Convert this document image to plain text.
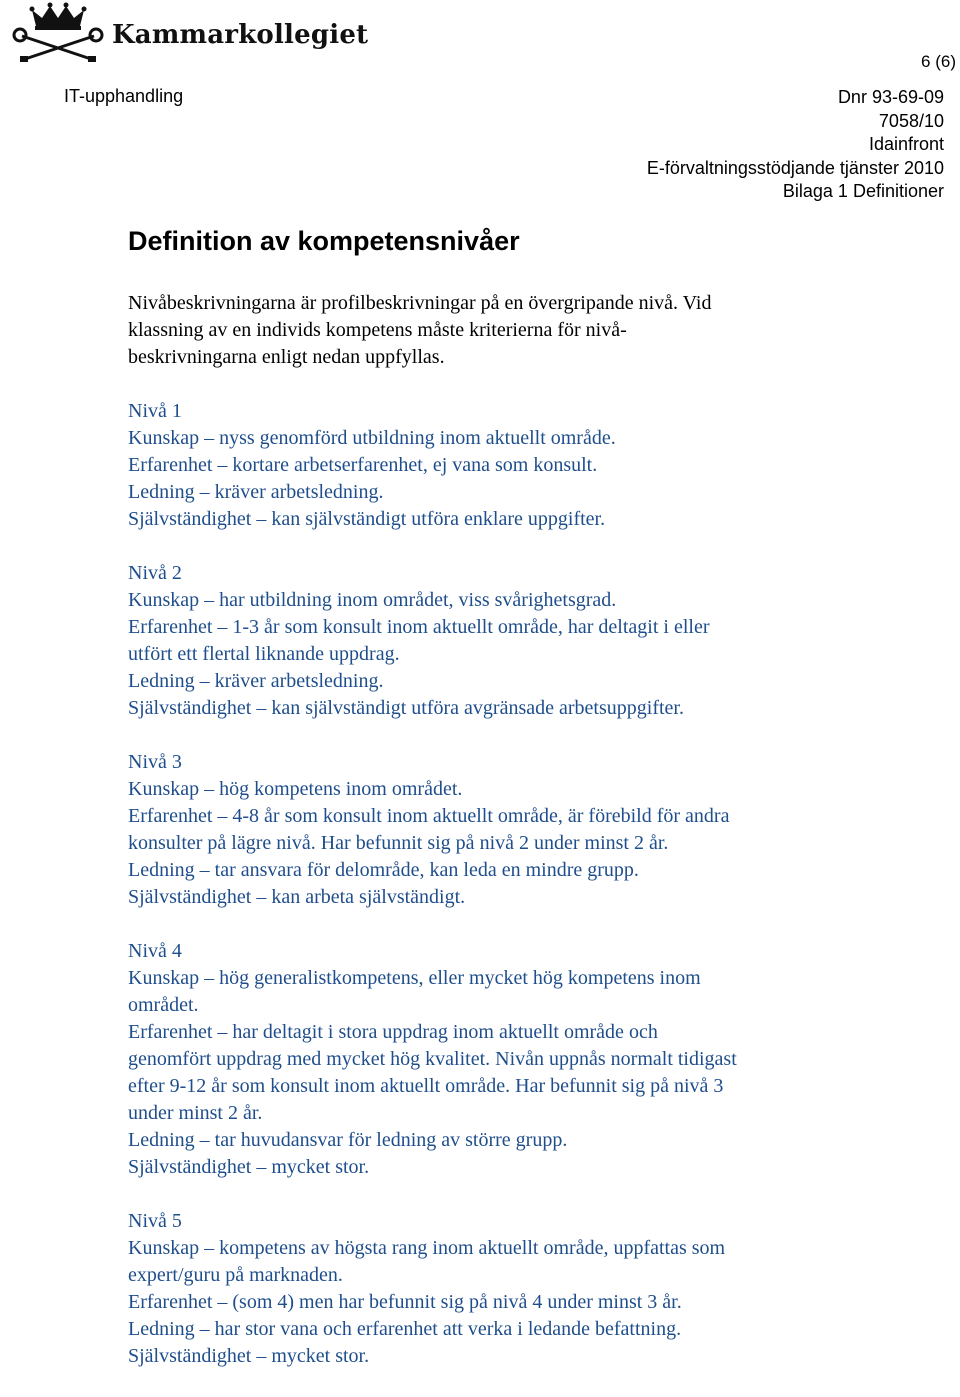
Kammarkollegiet
6 (6)
IT-upphandling	Dnr 93-69-09
7058/10
Idainfront
E-förvaltningsstödjande tjänster 2010
Bilaga 1 Definitioner
Definition av kompetensnivåer

Nivåbeskrivningarna är profilbeskrivningar på en övergripande nivå. Vid
klassning av en individs kompetens måste kriterierna för nivå-
beskrivningarna enligt nedan uppfyllas.

Nivå 1
Kunskap – nyss genomförd utbildning inom aktuellt område.
Erfarenhet – kortare arbetserfarenhet, ej vana som konsult.
Ledning – kräver arbetsledning.
Självständighet – kan självständigt utföra enklare uppgifter.
Nivå 2
Kunskap – har utbildning inom området, viss svårighetsgrad.
Erfarenhet – 1-3 år som konsult inom aktuellt område, har deltagit i eller
utfört ett flertal liknande uppdrag.
Ledning – kräver arbetsledning.
Självständighet – kan självständigt utföra avgränsade arbetsuppgifter.
Nivå 3
Kunskap – hög kompetens inom området.
Erfarenhet – 4-8 år som konsult inom aktuellt område, är förebild för andra
konsulter på lägre nivå. Har befunnit sig på nivå 2 under minst 2 år.
Ledning – tar ansvara för delområde, kan leda en mindre grupp.
Självständighet – kan arbeta självständigt.
Nivå 4
Kunskap – hög generalistkompetens, eller mycket hög kompetens inom
området.
Erfarenhet – har deltagit i stora uppdrag inom aktuellt område och
genomfört uppdrag med mycket hög kvalitet. Nivån uppnås normalt tidigast
efter 9-12 år som konsult inom aktuellt område. Har befunnit sig på nivå 3
under minst 2 år.
Ledning – tar huvudansvar för ledning av större grupp.
Självständighet – mycket stor.
Nivå 5
Kunskap – kompetens av högsta rang inom aktuellt område, uppfattas som
expert/guru på marknaden.
Erfarenhet – (som 4) men har befunnit sig på nivå 4 under minst 3 år.
Ledning – har stor vana och erfarenhet att verka i ledande befattning.
Självständighet – mycket stor.
